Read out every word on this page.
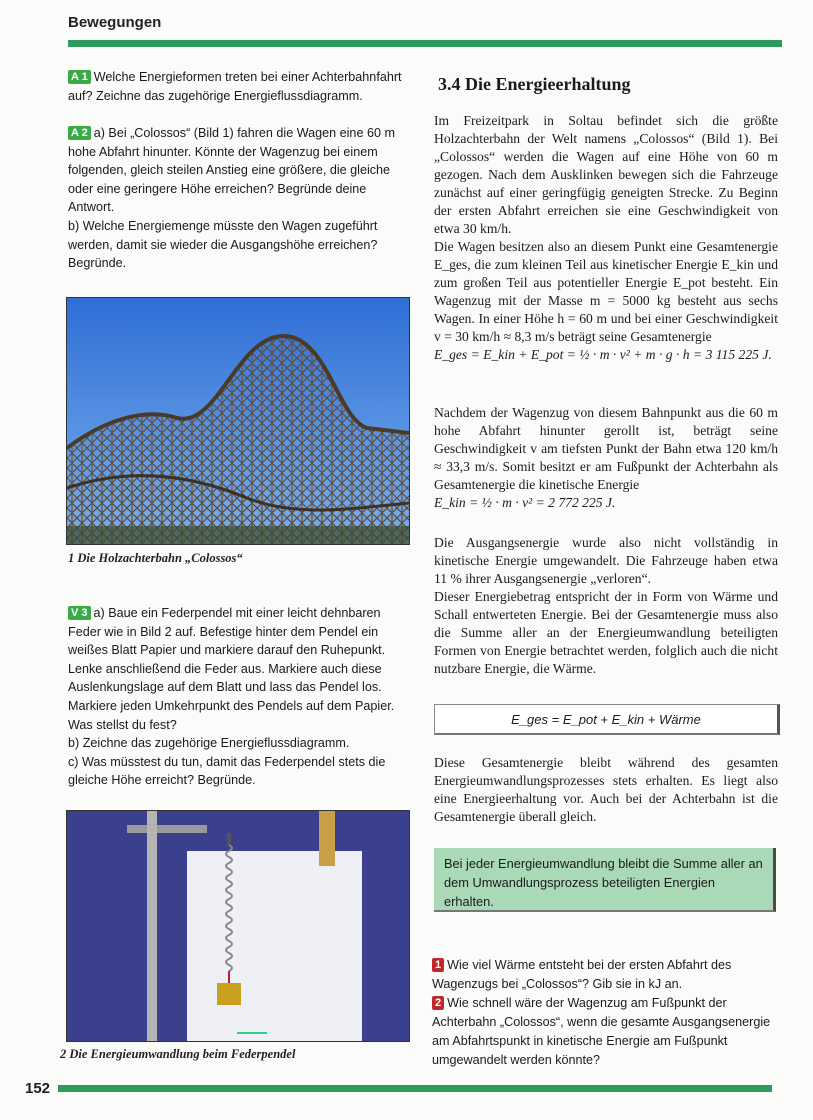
Bewegungen
A 1 Welche Energieformen treten bei einer Achterbahnfahrt auf? Zeichne das zugehörige Energieflussdiagramm.
A 2 a) Bei „Colossos“ (Bild 1) fahren die Wagen eine 60 m hohe Abfahrt hinunter. Könnte der Wagenzug bei einem folgenden, gleich steilen Anstieg eine größere, die gleiche oder eine geringere Höhe erreichen? Begründe deine Antwort.
b) Welche Energiemenge müsste den Wagen zugeführt werden, damit sie wieder die Ausgangshöhe erreichen? Begründe.
1 Die Holzachterbahn „Colossos“
V 3 a) Baue ein Federpendel mit einer leicht dehnbaren Feder wie in Bild 2 auf. Befestige hinter dem Pendel ein weißes Blatt Papier und markiere darauf den Ruhepunkt. Lenke anschließend die Feder aus. Markiere auch diese Auslenkungslage auf dem Blatt und lass das Pendel los. Markiere jeden Umkehrpunkt des Pendels auf dem Papier. Was stellst du fest?
b) Zeichne das zugehörige Energieflussdiagramm.
c) Was müsstest du tun, damit das Federpendel stets die gleiche Höhe erreicht? Begründe.
2 Die Energieumwandlung beim Federpendel
3.4 Die Energieerhaltung

Im Freizeitpark in Soltau befindet sich die größte Holzachterbahn der Welt namens „Colossos“ (Bild 1). Bei „Colossos“ werden die Wagen auf eine Höhe von 60 m gezogen. Nach dem Ausklinken bewegen sich die Fahrzeuge zunächst auf einer geringfügig geneigten Strecke. Zu Beginn der ersten Abfahrt erreichen sie eine Geschwindigkeit von etwa 30 km/h.

Die Wagen besitzen also an diesem Punkt eine Gesamtenergie E_ges, die zum kleinen Teil aus kinetischer Energie E_kin und zum großen Teil aus potentieller Energie E_pot besteht. Ein Wagenzug mit der Masse m = 5000 kg besteht aus sechs Wagen. In einer Höhe h = 60 m und bei einer Geschwindigkeit v = 30 km/h ≈ 8,3 m/s beträgt seine Gesamtenergie

E_ges = E_kin + E_pot = ½ · m · v² + m · g · h = 3 115 225 J.

Nachdem der Wagenzug von diesem Bahnpunkt aus die 60 m hohe Abfahrt hinunter gerollt ist, beträgt seine Geschwindigkeit v am tiefsten Punkt der Bahn etwa 120 km/h ≈ 33,3 m/s. Somit besitzt er am Fußpunkt der Achterbahn als Gesamtenergie die kinetische Energie

E_kin = ½ · m · v² = 2 772 225 J.

Die Ausgangsenergie wurde also nicht vollständig in kinetische Energie umgewandelt. Die Fahrzeuge haben etwa 11 % ihrer Ausgangsenergie „verloren“.

Dieser Energiebetrag entspricht der in Form von Wärme und Schall entwerteten Energie. Bei der Gesamtenergie muss also die Summe aller an der Energieumwandlung beteiligten Formen von Energie betrachtet werden, folglich auch die nicht nutzbare Energie, die Wärme.

E_ges = E_pot + E_kin + Wärme

Diese Gesamtenergie bleibt während des gesamten Energieumwandlungsprozesses stets erhalten. Es liegt also eine Energieerhaltung vor. Auch bei der Achterbahn ist die Gesamtenergie überall gleich.

Bei jeder Energieumwandlung bleibt die Summe aller an dem Umwandlungsprozess beteiligten Energien erhalten.
1 Wie viel Wärme entsteht bei der ersten Abfahrt des Wagenzugs bei „Colossos“? Gib sie in kJ an.
2 Wie schnell wäre der Wagenzug am Fußpunkt der Achterbahn „Colossos“, wenn die gesamte Ausgangsenergie am Abfahrtspunkt in kinetische Energie am Fußpunkt umgewandelt werden könnte?
152
